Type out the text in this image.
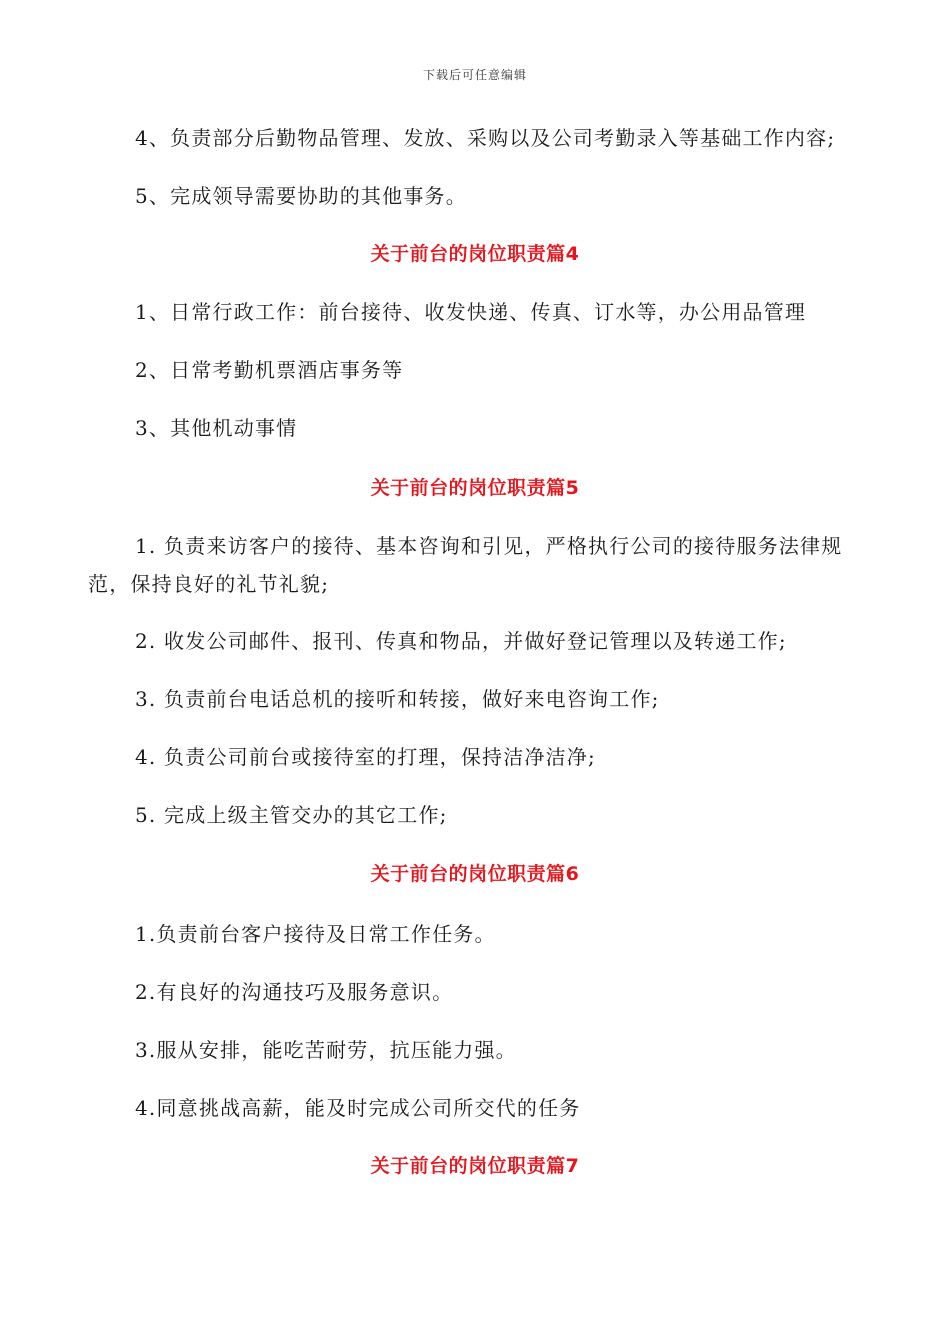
下载后可任意编辑
4、负责部分后勤物品管理、发放、采购以及公司考勤录入等基础工作内容;
5、完成领导需要协助的其他事务。
关于前台的岗位职责篇4
1、日常行政工作：前台接待、收发快递、传真、订水等，办公用品管理
2、日常考勤机票酒店事务等
3、其他机动事情
关于前台的岗位职责篇5
1. 负责来访客户的接待、基本咨询和引见，严格执行公司的接待服务法律规范，保持良好的礼节礼貌;
2. 收发公司邮件、报刊、传真和物品，并做好登记管理以及转递工作;
3. 负责前台电话总机的接听和转接，做好来电咨询工作;
4. 负责公司前台或接待室的打理，保持洁净洁净;
5. 完成上级主管交办的其它工作;
关于前台的岗位职责篇6
1.负责前台客户接待及日常工作任务。
2.有良好的沟通技巧及服务意识。
3.服从安排，能吃苦耐劳，抗压能力强。
4.同意挑战高薪，能及时完成公司所交代的任务
关于前台的岗位职责篇7
